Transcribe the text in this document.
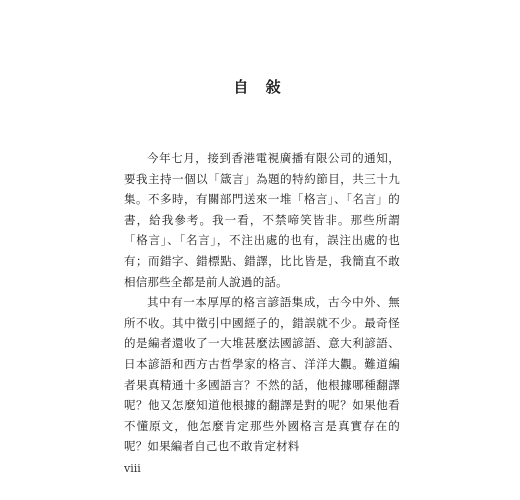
自 敍

今年七月，接到香港電視廣播有限公司的通知，要我主持一個以「箴言」為題的特約節目，共三十九集。不多時，有關部門送來一堆「格言」、「名言」的書，給我參考。我一看，不禁啼笑皆非。那些所謂「格言」、「名言」，不注出處的也有，誤注出處的也有；而錯字、錯標點、錯譯，比比皆是，我簡直不敢相信那些全都是前人說過的話。

其中有一本厚厚的格言諺語集成，古今中外、無所不收。其中徵引中國經子的，錯誤就不少。最奇怪的是編者還收了一大堆甚麼法國諺語、意大利諺語、日本諺語和西方古哲學家的格言、洋洋大觀。難道編者果真精通十多國語言？不然的話，他根據哪種翻譯呢？他又怎麼知道他根據的翻譯是對的呢？如果他看不懂原文，他怎麼肯定那些外國格言是真實存在的呢？如果編者自己也不敢肯定材料

viii
